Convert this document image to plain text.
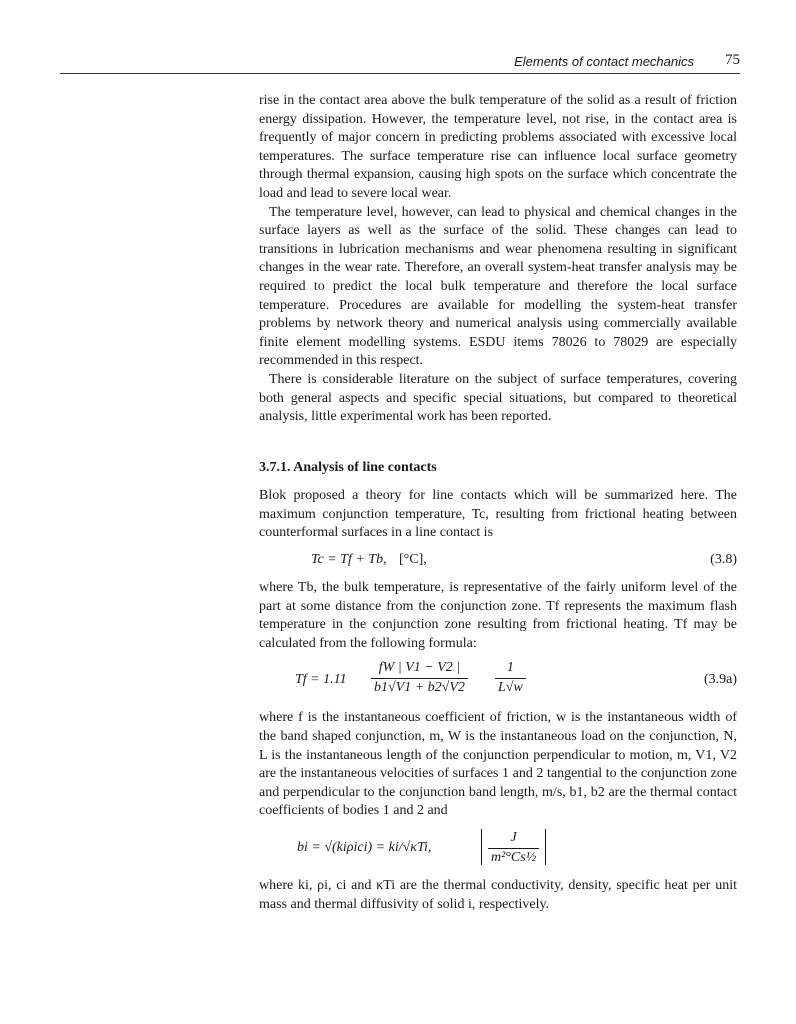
Elements of contact mechanics 75

rise in the contact area above the bulk temperature of the solid as a result of friction energy dissipation. However, the temperature level, not rise, in the contact area is frequently of major concern in predicting problems associated with excessive local temperatures. The surface temperature rise can influence local surface geometry through thermal expansion, causing high spots on the surface which concentrate the load and lead to severe local wear.

The temperature level, however, can lead to physical and chemical changes in the surface layers as well as the surface of the solid. These changes can lead to transitions in lubrication mechanisms and wear phenomena resulting in significant changes in the wear rate. Therefore, an overall system-heat transfer analysis may be required to predict the local bulk temperature and therefore the local surface temperature. Procedures are available for modelling the system-heat transfer problems by network theory and numerical analysis using commercially available finite element modelling systems. ESDU items 78026 to 78029 are especially recommended in this respect.

There is considerable literature on the subject of surface temperatures, covering both general aspects and specific special situations, but compared to theoretical analysis, little experimental work has been reported.

3.7.1. Analysis of line contacts

Blok proposed a theory for line contacts which will be summarized here. The maximum conjunction temperature, Tc, resulting from frictional heating between counterformal surfaces in a line contact is

Tc = Tf + Tb, [°C],	(3.8)

where Tb, the bulk temperature, is representative of the fairly uniform level of the part at some distance from the conjunction zone. Tf represents the maximum flash temperature in the conjunction zone resulting from frictional heating. Tf may be calculated from the following formula:

$Tf = 1.11 \frac{fW | V1 - V2 |}{b1√V1 + b2√V2} \frac{1}{L√w}$	(3.9a)

where f is the instantaneous coefficient of friction, w is the instantaneous width of the band shaped conjunction, m, W is the instantaneous load on the conjunction, N, L is the instantaneous length of the conjunction perpendicular to motion, m, V1, V2 are the instantaneous velocities of surfaces 1 and 2 tangential to the conjunction zone and perpendicular to the conjunction band length, m/s, b1, b2 are the thermal contact coefficients of bodies 1 and 2 and

bi = √(kiρici) = ki/√κTi,	$\frac{J}{\text{m²°Cs½}}$

where ki, ρi, ci and κTi are the thermal conductivity, density, specific heat per unit mass and thermal diffusivity of solid i, respectively.
